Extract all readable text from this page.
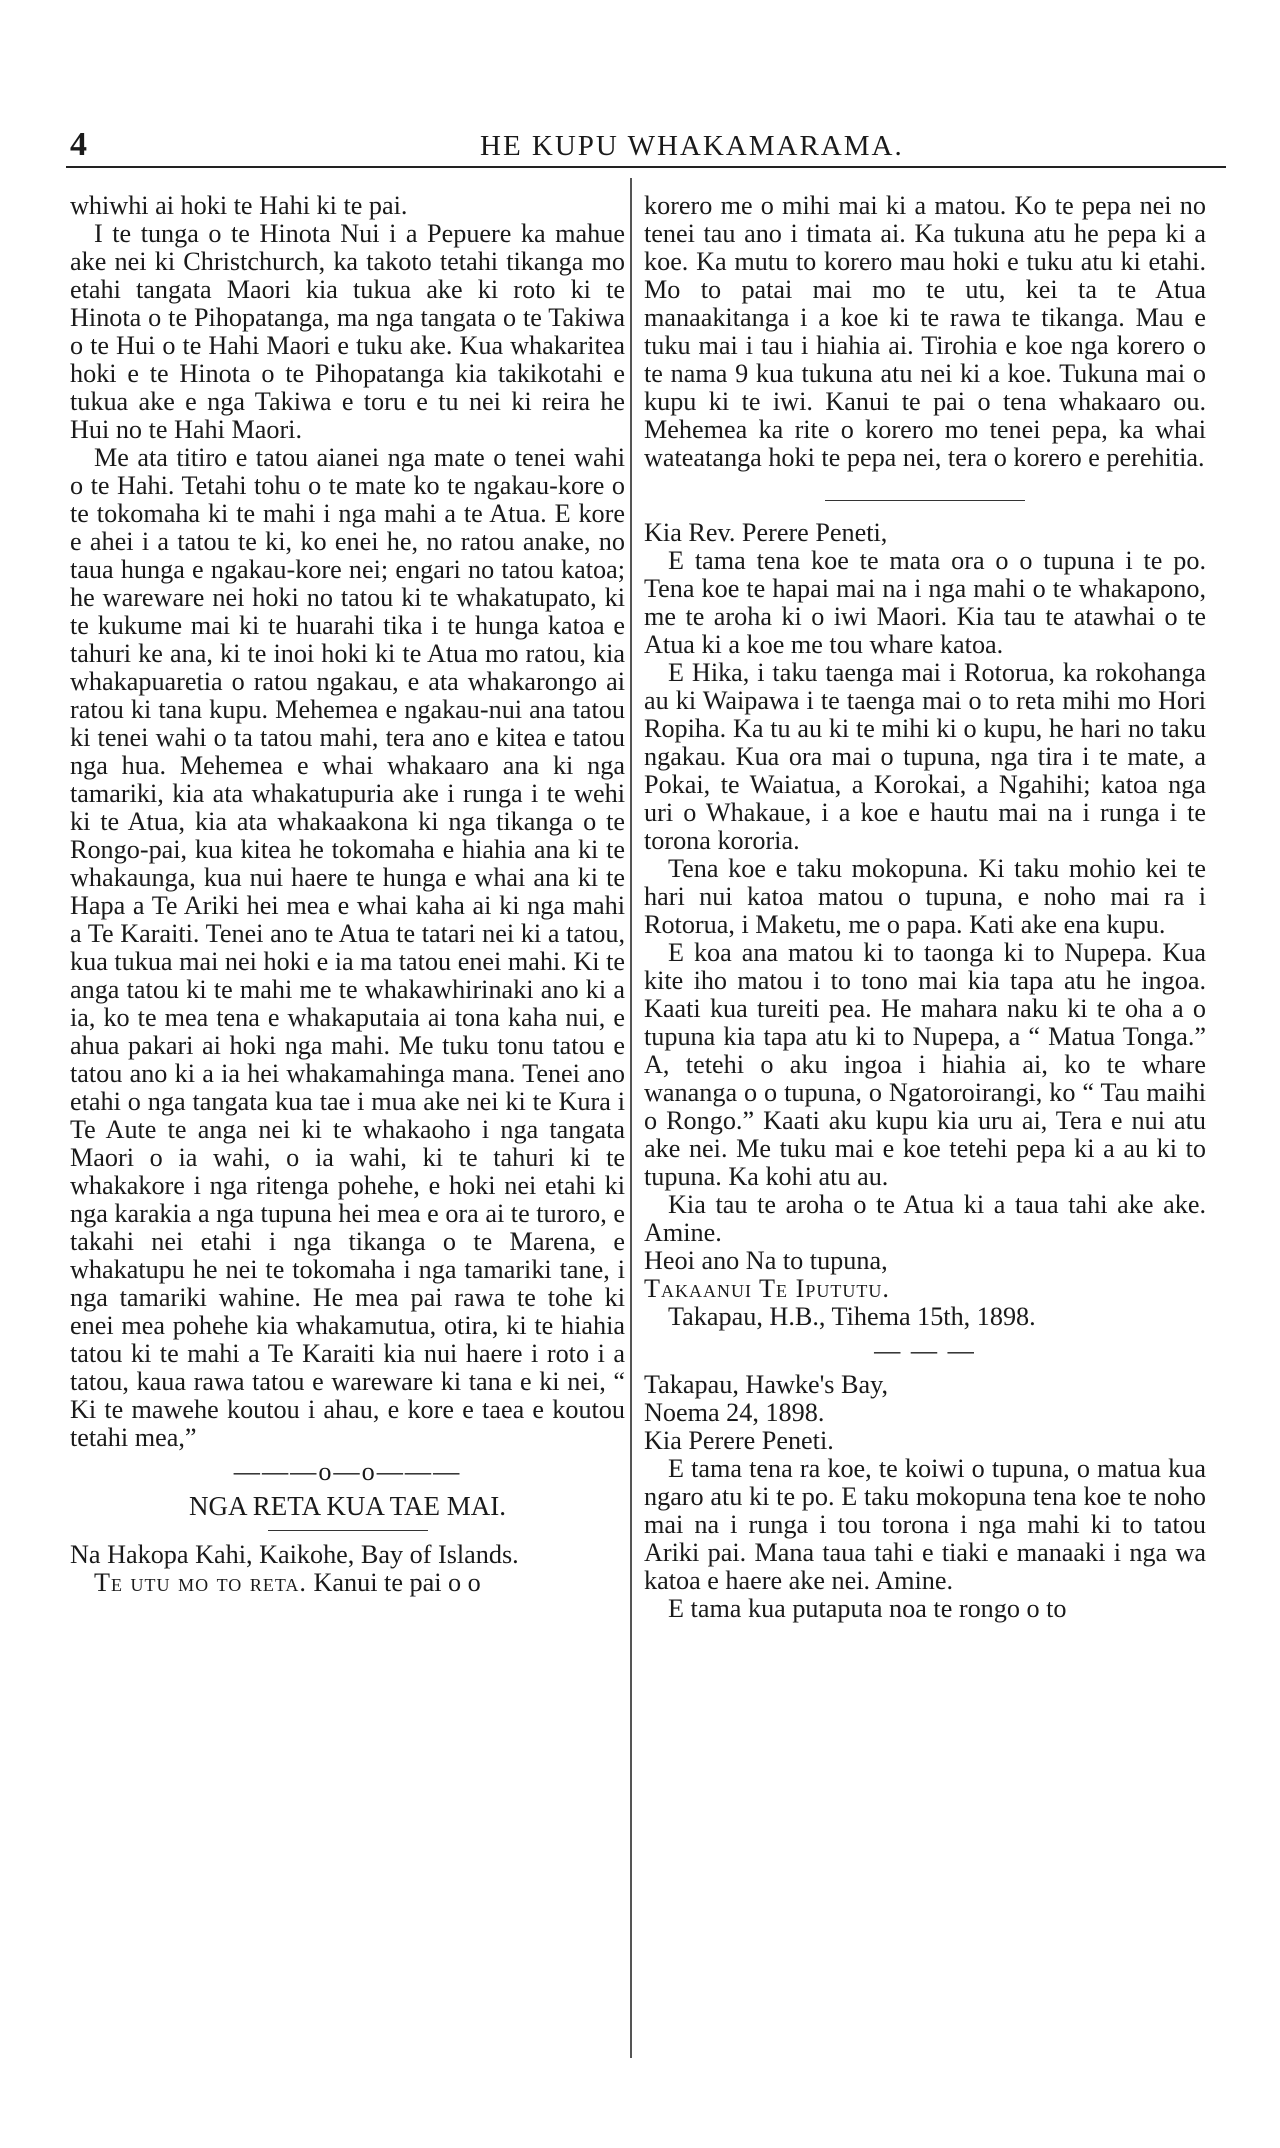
4	HE KUPU WHAKAMARAMA.

whiwhi ai hoki te Hahi ki te pai.

I te tunga o te Hinota Nui i a Pepuere ka mahue ake nei ki Christchurch, ka takoto tetahi tikanga mo etahi tangata Maori kia tukua ake ki roto ki te Hinota o te Pihopatanga, ma nga tangata o te Takiwa o te Hui o te Hahi Maori e tuku ake. Kua whakaritea hoki e te Hinota o te Pihopatanga kia takikotahi e tukua ake e nga Takiwa e toru e tu nei ki reira he Hui no te Hahi Maori.

Me ata titiro e tatou aianei nga mate o tenei wahi o te Hahi. Tetahi tohu o te mate ko te ngakau-kore o te tokomaha ki te mahi i nga mahi a te Atua. E kore e ahei i a tatou te ki, ko enei he, no ratou anake, no taua hunga e ngakau-kore nei; engari no tatou katoa; he wareware nei hoki no tatou ki te whakatupato, ki te kukume mai ki te huarahi tika i te hunga katoa e tahuri ke ana, ki te inoi hoki ki te Atua mo ratou, kia whakapuaretia o ratou ngakau, e ata whakarongo ai ratou ki tana kupu. Mehemea e ngakau-nui ana tatou ki tenei wahi o ta tatou mahi, tera ano e kitea e tatou nga hua. Mehemea e whai whakaaro ana ki nga tamariki, kia ata whakatupuria ake i runga i te wehi ki te Atua, kia ata whakaakona ki nga tikanga o te Rongo-pai, kua kitea he tokomaha e hiahia ana ki te whakaunga, kua nui haere te hunga e whai ana ki te Hapa a Te Ariki hei mea e whai kaha ai ki nga mahi a Te Karaiti. Tenei ano te Atua te tatari nei ki a tatou, kua tukua mai nei hoki e ia ma tatou enei mahi. Ki te anga tatou ki te mahi me te whakawhirinaki ano ki a ia, ko te mea tena e whakaputaia ai tona kaha nui, e ahua pakari ai hoki nga mahi. Me tuku tonu tatou e tatou ano ki a ia hei whakamahinga mana. Tenei ano etahi o nga tangata kua tae i mua ake nei ki te Kura i Te Aute te anga nei ki te whakaoho i nga tangata Maori o ia wahi, o ia wahi, ki te tahuri ki te whakakore i nga ritenga pohehe, e hoki nei etahi ki nga karakia a nga tupuna hei mea e ora ai te turoro, e takahi nei etahi i nga tikanga o te Marena, e whakatupu he nei te tokomaha i nga tamariki tane, i nga tamariki wahine. He mea pai rawa te tohe ki enei mea pohehe kia whakamutua, otira, ki te hiahia tatou ki te mahi a Te Karaiti kia nui haere i roto i a tatou, kaua rawa tatou e wareware ki tana e ki nei, “ Ki te mawehe koutou i ahau, e kore e taea e koutou tetahi mea,”

———o—o———
NGA RETA KUA TAE MAI.

Na Hakopa Kahi, Kaikohe, Bay of Islands.

Te utu mo to reta. Kanui te pai o o

korero me o mihi mai ki a matou. Ko te pepa nei no tenei tau ano i timata ai. Ka tukuna atu he pepa ki a koe. Ka mutu to korero mau hoki e tuku atu ki etahi. Mo to patai mai mo te utu, kei ta te Atua manaakitanga i a koe ki te rawa te tikanga. Mau e tuku mai i tau i hiahia ai. Tirohia e koe nga korero o te nama 9 kua tukuna atu nei ki a koe. Tukuna mai o kupu ki te iwi. Kanui te pai o tena whakaaro ou. Mehemea ka rite o korero mo tenei pepa, ka whai wateatanga hoki te pepa nei, tera o korero e perehitia.

Kia Rev. Perere Peneti,

E tama tena koe te mata ora o o tupuna i te po. Tena koe te hapai mai na i nga mahi o te whakapono, me te aroha ki o iwi Maori. Kia tau te atawhai o te Atua ki a koe me tou whare katoa.

E Hika, i taku taenga mai i Rotorua, ka rokohanga au ki Waipawa i te taenga mai o to reta mihi mo Hori Ropiha. Ka tu au ki te mihi ki o kupu, he hari no taku ngakau. Kua ora mai o tupuna, nga tira i te mate, a Pokai, te Waiatua, a Korokai, a Ngahihi; katoa nga uri o Whakaue, i a koe e hautu mai na i runga i te torona kororia.

Tena koe e taku mokopuna. Ki taku mohio kei te hari nui katoa matou o tupuna, e noho mai ra i Rotorua, i Maketu, me o papa. Kati ake ena kupu.

E koa ana matou ki to taonga ki to Nupepa. Kua kite iho matou i to tono mai kia tapa atu he ingoa. Kaati kua tureiti pea. He mahara naku ki te oha a o tupuna kia tapa atu ki to Nupepa, a “ Matua Tonga.” A, tetehi o aku ingoa i hiahia ai, ko te whare wananga o o tupuna, o Ngatoroirangi, ko “ Tau maihi o Rongo.” Kaati aku kupu kia uru ai, Tera e nui atu ake nei. Me tuku mai e koe tetehi pepa ki a au ki to tupuna. Ka kohi atu au.

Kia tau te aroha o te Atua ki a taua tahi ake ake. Amine.

Heoi ano Na to tupuna,

Takaanui Te Ipututu.

Takapau, H.B., Tihema 15th, 1898.

— — —

Takapau, Hawke's Bay,

Noema 24, 1898.

Kia Perere Peneti.

E tama tena ra koe, te koiwi o tupuna, o matua kua ngaro atu ki te po. E taku mokopuna tena koe te noho mai na i runga i tou torona i nga mahi ki to tatou Ariki pai. Mana taua tahi e tiaki e manaaki i nga wa katoa e haere ake nei. Amine.

E tama kua putaputa noa te rongo o to
